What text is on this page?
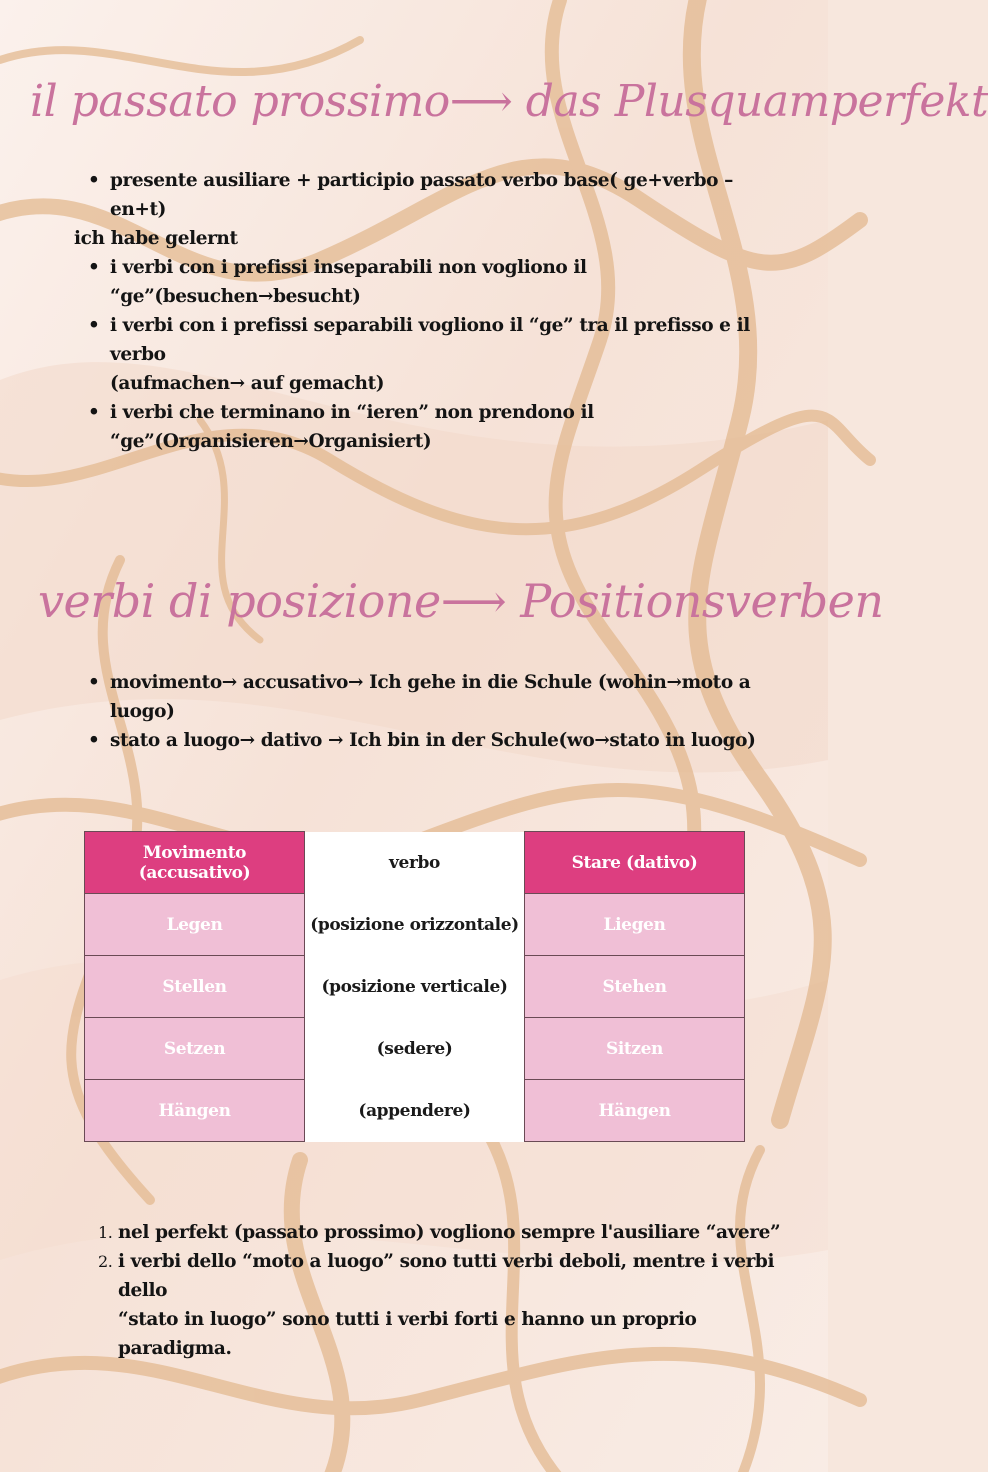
il passato prossimo⟶ das Plusquamperfekt
• presente ausiliare + participio passato verbo base( ge+verbo – en+t)
ich habe gelernt
• i verbi con i prefissi inseparabili non vogliono il
“ge”(besuchen→besucht)
• i verbi con i prefissi separabili vogliono il “ge” tra il prefisso e il verbo
(aufmachen→ auf gemacht)
• i verbi che terminano in “ieren” non prendono il
“ge”(Organisieren→Organisiert)
verbi di posizione⟶ Positionsverben
• movimento→ accusativo→ Ich gehe in die Schule (wohin→moto a
luogo)
• stato a luogo→ dativo → Ich bin in der Schule(wo→stato in luogo)
Movimento (accusativo)	verbo	Stare (dativo)
Legen	(posizione orizzontale)	Liegen
Stellen	(posizione verticale)	Stehen
Setzen	(sedere)	Sitzen
Hängen	(appendere)	Hängen
1. nel perfekt (passato prossimo) vogliono sempre l'ausiliare “avere”
2. i verbi dello “moto a luogo” sono tutti verbi deboli, mentre i verbi dello
“stato in luogo” sono tutti i verbi forti e hanno un proprio paradigma.
